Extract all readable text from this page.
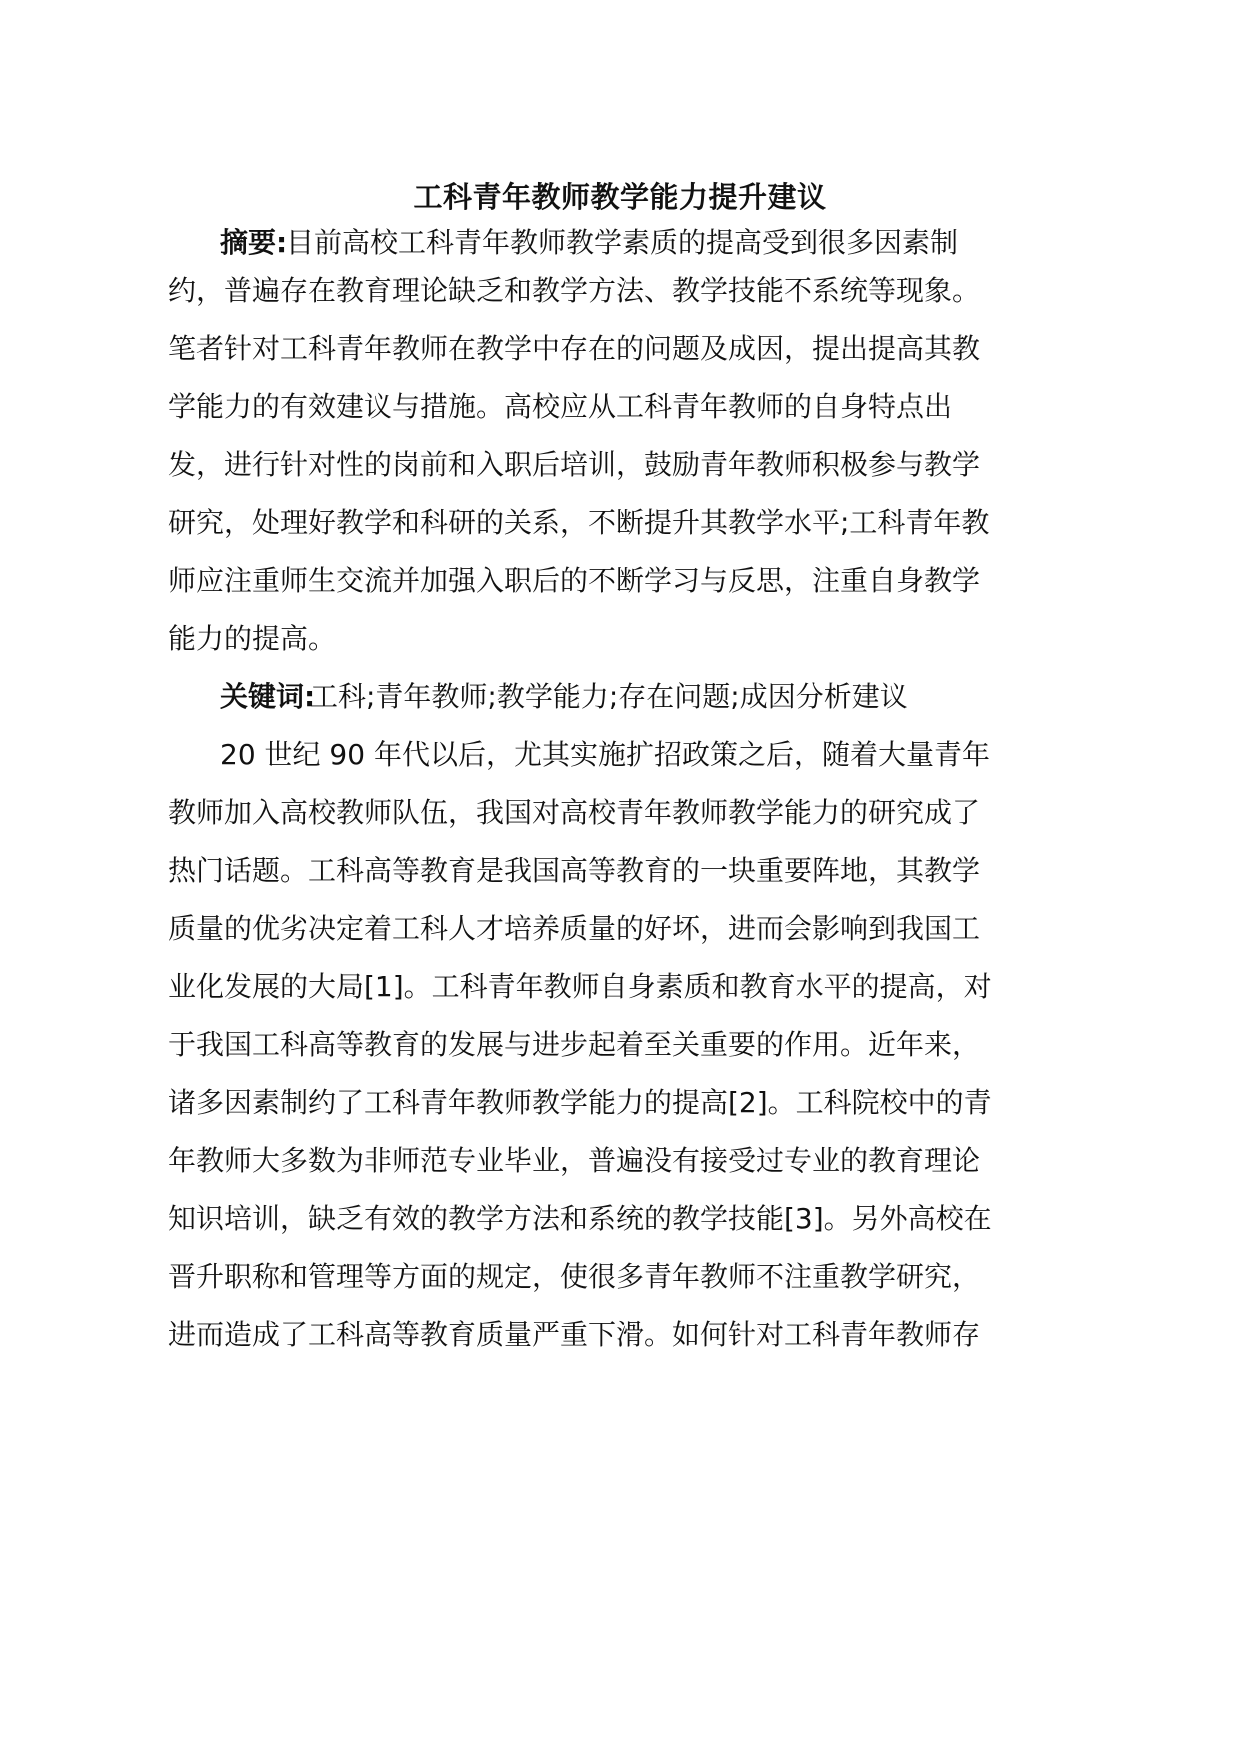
工科青年教师教学能力提升建议
摘要:
目前高校工科青年教师教学素质的提高受到很多因素制
约，普遍存在教育理论缺乏和教学方法、教学技能不系统等现象。
笔者针对工科青年教师在教学中存在的问题及成因，提出提高其教
学能力的有效建议与措施。高校应从工科青年教师的自身特点出
发，进行针对性的岗前和入职后培训，鼓励青年教师积极参与教学
研究，处理好教学和科研的关系，不断提升其教学水平;工科青年教
师应注重师生交流并加强入职后的不断学习与反思，注重自身教学
能力的提高。
关键词:
工科;青年教师;教学能力;存在问题;成因分析建议
20 世纪 90 年代以后，尤其实施扩招政策之后，随着大量青年
教师加入高校教师队伍，我国对高校青年教师教学能力的研究成了
热门话题。工科高等教育是我国高等教育的一块重要阵地，其教学
质量的优劣决定着工科人才培养质量的好坏，进而会影响到我国工
业化发展的大局[1]。工科青年教师自身素质和教育水平的提高，对
于我国工科高等教育的发展与进步起着至关重要的作用。近年来，
诸多因素制约了工科青年教师教学能力的提高[2]。工科院校中的青
年教师大多数为非师范专业毕业，普遍没有接受过专业的教育理论
知识培训，缺乏有效的教学方法和系统的教学技能[3]。另外高校在
晋升职称和管理等方面的规定，使很多青年教师不注重教学研究，
进而造成了工科高等教育质量严重下滑。如何针对工科青年教师存
